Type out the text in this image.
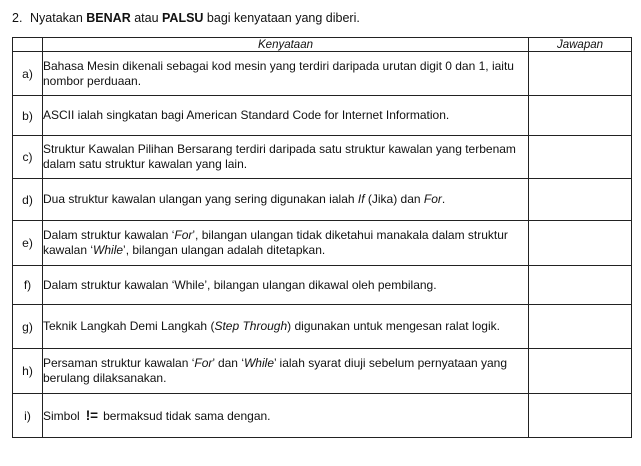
2. Nyatakan BENAR atau PALSU bagi kenyataan yang diberi.
	Kenyataan	Jawapan
a)	Bahasa Mesin dikenali sebagai kod mesin yang terdiri daripada urutan digit 0 dan 1, iaitu nombor perduaan.	
b)	ASCII ialah singkatan bagi American Standard Code for Internet Information.	
c)	Struktur Kawalan Pilihan Bersarang terdiri daripada satu struktur kawalan yang terbenam dalam satu struktur kawalan yang lain.	
d)	Dua struktur kawalan ulangan yang sering digunakan ialah If (Jika) dan For.	
e)	Dalam struktur kawalan ‘For’, bilangan ulangan tidak diketahui manakala dalam struktur kawalan ‘While’, bilangan ulangan adalah ditetapkan.	
f)	Dalam struktur kawalan ‘While’, bilangan ulangan dikawal oleh pembilang.	
g)	Teknik Langkah Demi Langkah (Step Through) digunakan untuk mengesan ralat logik.	
h)	Persaman struktur kawalan ‘For’ dan ‘While’ ialah syarat diuji sebelum pernyataan yang berulang dilaksanakan.	
i)	Simbol != bermaksud tidak sama dengan.	
